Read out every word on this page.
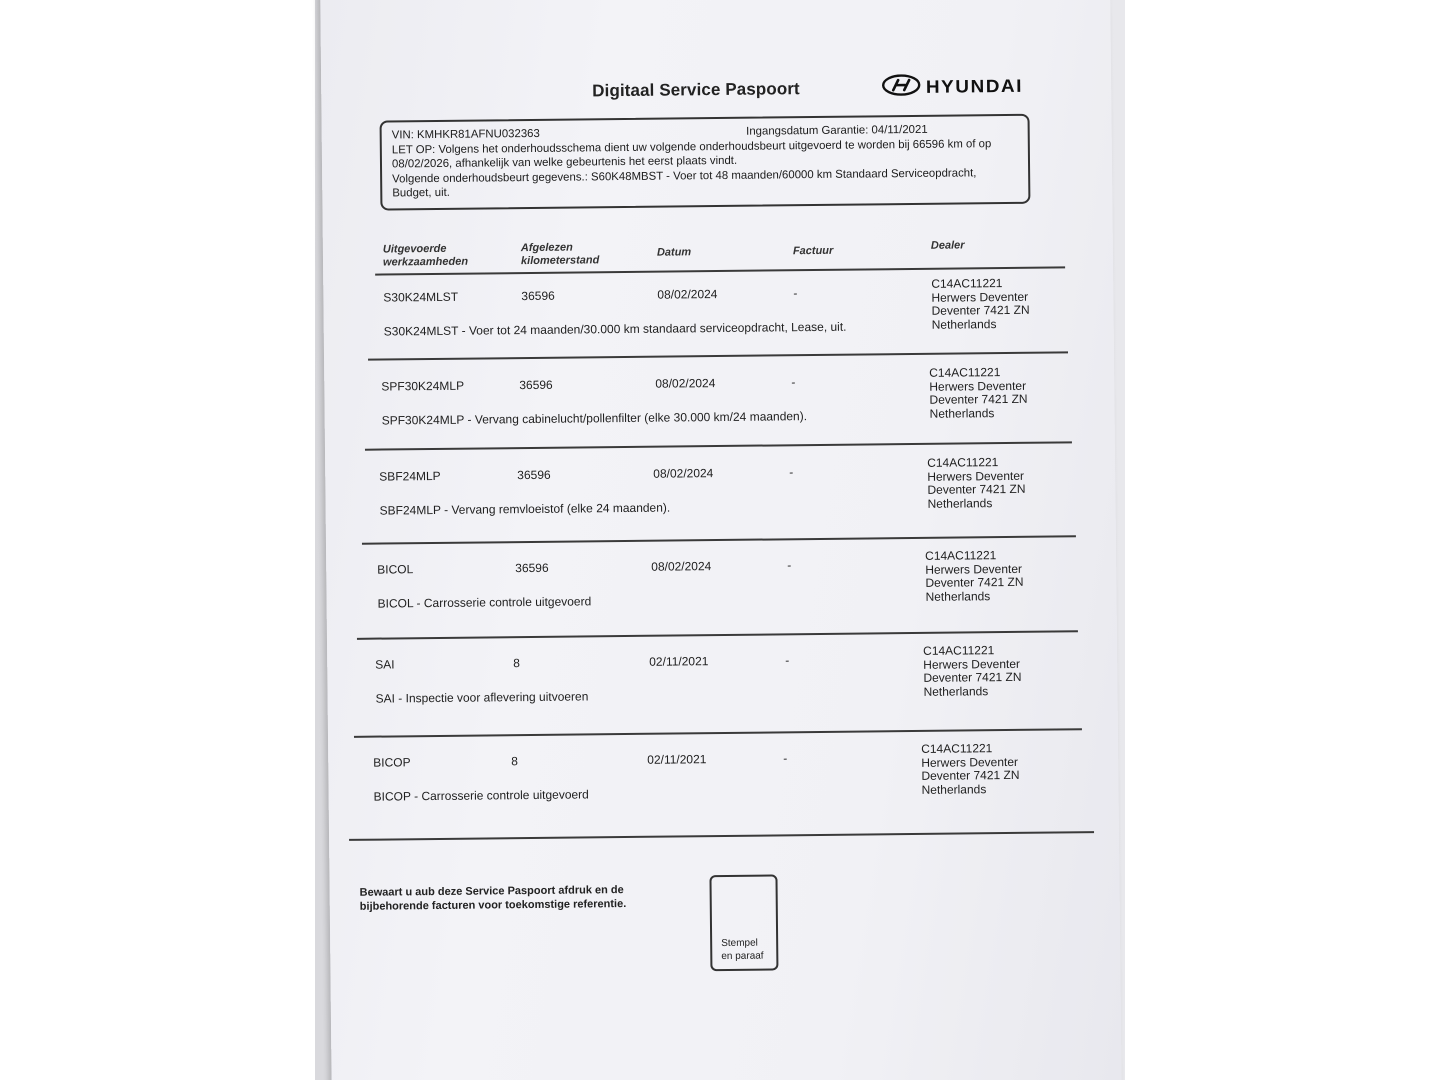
Digitaal Service Paspoort	HYUNDAI
VIN: KMHKR81AFNU032363	Ingangsdatum Garantie: 04/11/2021
LET OP: Volgens het onderhoudsschema dient uw volgende onderhoudsbeurt uitgevoerd te worden bij 66596 km of op
08/02/2026, afhankelijk van welke gebeurtenis het eerst plaats vindt.
Volgende onderhoudsbeurt gegevens.: S60K48MBST - Voer tot 48 maanden/60000 km Standaard Serviceopdracht,
Budget, uit.
Uitgevoerde
werkzaamheden
Afgelezen
kilometerstand
Datum	Factuur	Dealer
S30K24MLST	36596	08/02/2024	-
C14AC11221
Herwers Deventer
Deventer 7421 ZN
Netherlands
S30K24MLST - Voer tot 24 maanden/30.000 km standaard serviceopdracht, Lease, uit.
SPF30K24MLP	36596	08/02/2024	-
C14AC11221
Herwers Deventer
Deventer 7421 ZN
Netherlands
SPF30K24MLP - Vervang cabinelucht/pollenfilter (elke 30.000 km/24 maanden).
SBF24MLP	36596	08/02/2024	-
C14AC11221
Herwers Deventer
Deventer 7421 ZN
Netherlands
SBF24MLP - Vervang remvloeistof (elke 24 maanden).
BICOL	36596	08/02/2024	-
C14AC11221
Herwers Deventer
Deventer 7421 ZN
Netherlands
BICOL - Carrosserie controle uitgevoerd
SAI	8	02/11/2021	-
C14AC11221
Herwers Deventer
Deventer 7421 ZN
Netherlands
SAI - Inspectie voor aflevering uitvoeren
BICOP	8	02/11/2021	-
C14AC11221
Herwers Deventer
Deventer 7421 ZN
Netherlands
BICOP - Carrosserie controle uitgevoerd
Bewaart u aub deze Service Paspoort afdruk en de
bijbehorende facturen voor toekomstige referentie.
Stempel
en paraaf
